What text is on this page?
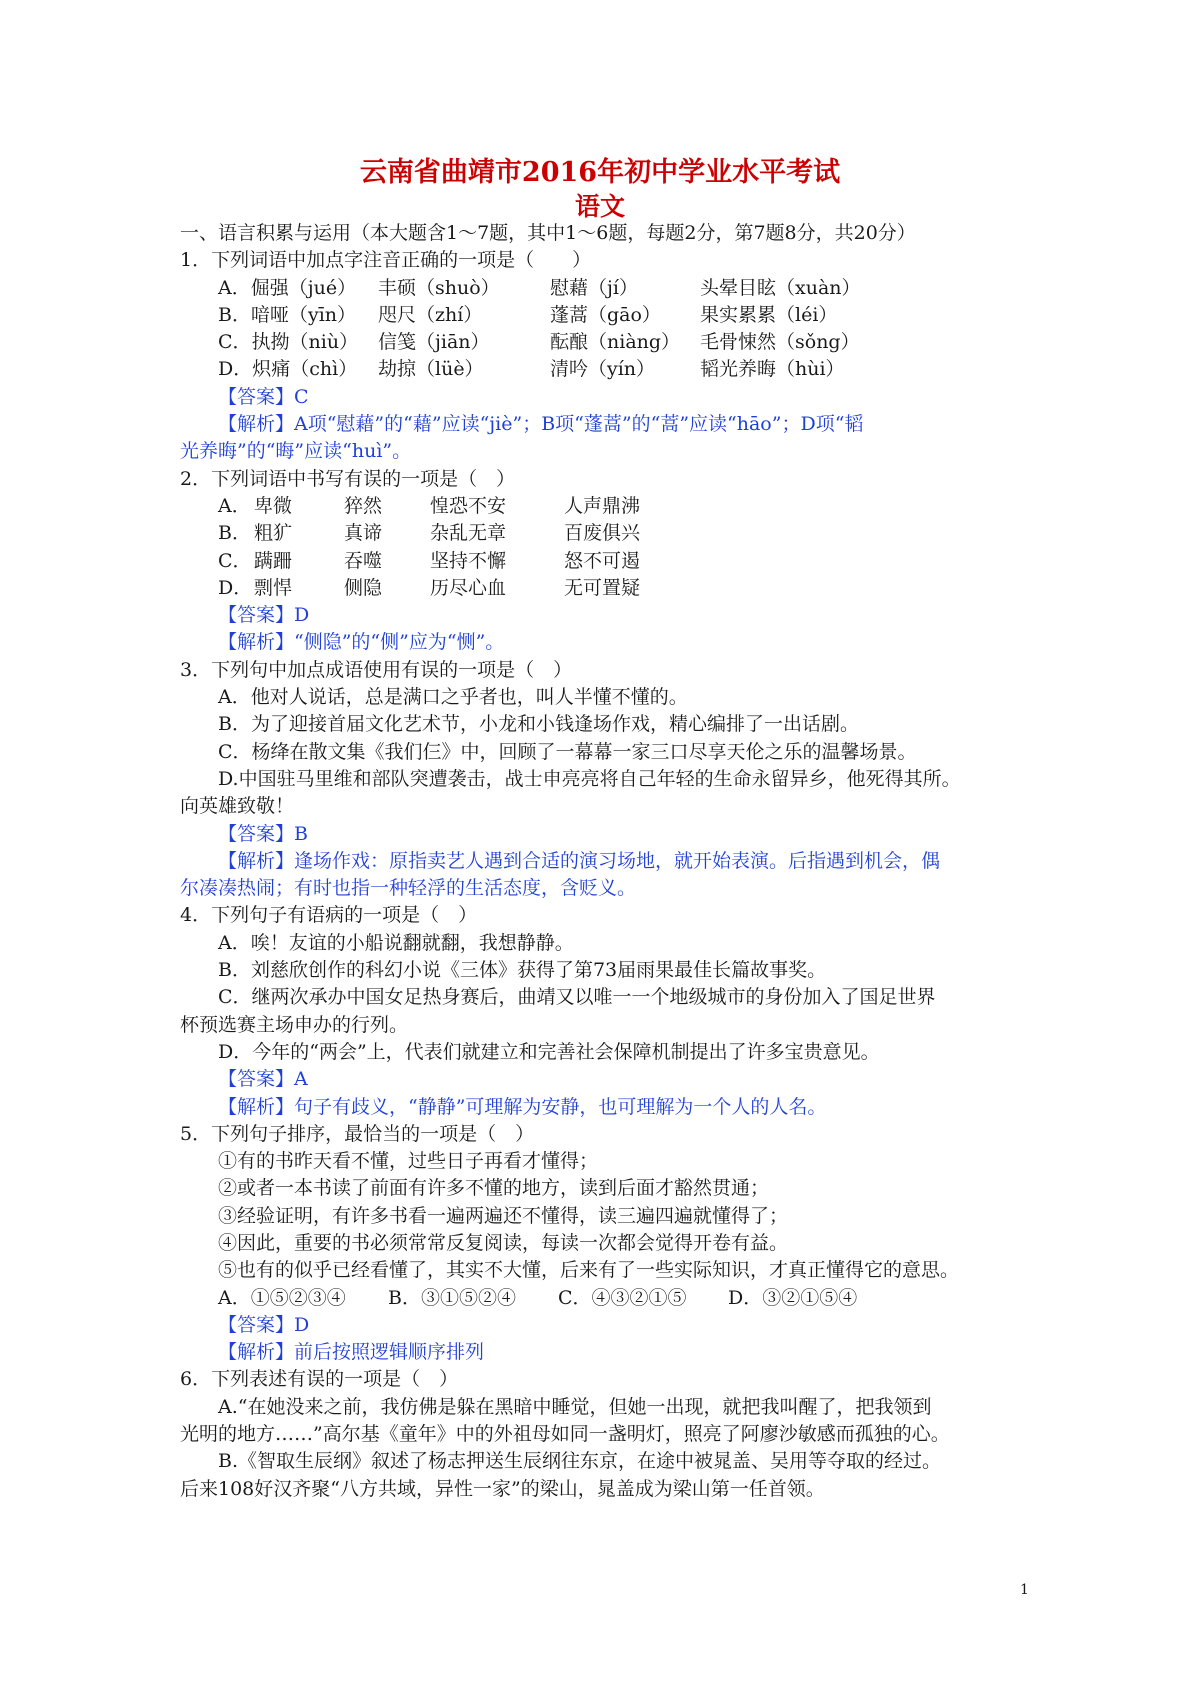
云南省曲靖市2016年初中学业水平考试
语文
一、语言积累与运用（本大题含1～7题，其中1～6题，每题2分，第7题8分，共20分）
1．下列词语中加点字注音正确的一项是（　　）
A．倔强（jué）	丰硕（shuò）	慰藉（jí）	头晕目眩（xuàn）
B．喑哑（yīn）	咫尺（zhí）	蓬蒿（gāo）	果实累累（léi）
C．执拗（niù）	信笺（jiān）	酝酿（niàng）	毛骨悚然（sǒng）
D．炽痛（chì）	劫掠（lüè）	清吟（yín）	韬光养晦（hùi）
【答案】C
【解析】A项“慰藉”的“藉”应读“jiè”；B项“蓬蒿”的“蒿”应读“hāo”；D项“韬
光养晦”的“晦”应读“huì”。
2．下列词语中书写有误的一项是（　）
A． 卑微	猝然	惶恐不安	人声鼎沸
B． 粗犷	真谛	杂乱无章	百废俱兴
C． 蹒跚	吞噬	坚持不懈	怒不可遏
D．剽悍	侧隐	历尽心血	无可置疑
【答案】D
【解析】“侧隐”的“侧”应为“恻”。
3．下列句中加点成语使用有误的一项是（　）
A．他对人说话，总是满口之乎者也，叫人半懂不懂的。
B．为了迎接首届文化艺术节，小龙和小钱逢场作戏，精心编排了一出话剧。
C．杨绛在散文集《我们仨》中，回顾了一幕幕一家三口尽享天伦之乐的温馨场景。
D.中国驻马里维和部队突遭袭击，战士申亮亮将自己年轻的生命永留异乡，他死得其所。
向英雄致敬！
【答案】B
【解析】逢场作戏：原指卖艺人遇到合适的演习场地，就开始表演。后指遇到机会，偶
尔凑凑热闹；有时也指一种轻浮的生活态度，含贬义。
4．下列句子有语病的一项是（　）
A．唉！友谊的小船说翻就翻，我想静静。
B．刘慈欣创作的科幻小说《三体》获得了第73届雨果最佳长篇故事奖。
C．继两次承办中国女足热身赛后，曲靖又以唯一一个地级城市的身份加入了国足世界
杯预选赛主场申办的行列。
D．今年的“两会”上，代表们就建立和完善社会保障机制提出了许多宝贵意见。
【答案】A
【解析】句子有歧义，“静静”可理解为安静，也可理解为一个人的人名。
5．下列句子排序，最恰当的一项是（　）
①有的书昨天看不懂，过些日子再看才懂得；
②或者一本书读了前面有许多不懂的地方，读到后面才豁然贯通；
③经验证明，有许多书看一遍两遍还不懂得，读三遍四遍就懂得了；
④因此，重要的书必须常常反复阅读，每读一次都会觉得开卷有益。
⑤也有的似乎已经看懂了，其实不大懂，后来有了一些实际知识，才真正懂得它的意思。
A．①⑤②③④ B．③①⑤②④ C．④③②①⑤ D．③②①⑤④
【答案】D
【解析】前后按照逻辑顺序排列
6．下列表述有误的一项是（　）
A.“在她没来之前，我仿佛是躲在黑暗中睡觉，但她一出现，就把我叫醒了，把我领到
光明的地方……”高尔基《童年》中的外祖母如同一盏明灯，照亮了阿廖沙敏感而孤独的心。
B.《智取生辰纲》叙述了杨志押送生辰纲往东京，在途中被晁盖、吴用等夺取的经过。
后来108好汉齐聚“八方共域，异性一家”的梁山，晁盖成为梁山第一任首领。
1
